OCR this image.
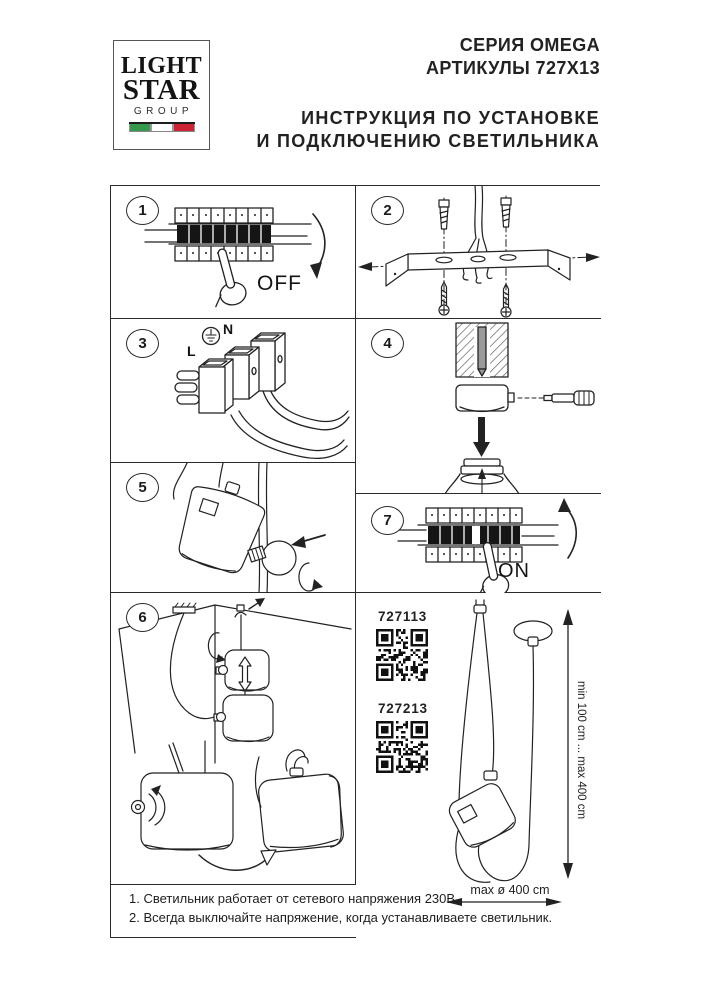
LIGHT
STAR
GROUP
СЕРИЯ OMEGA
АРТИКУЛЫ 727X13
ИНСТРУКЦИЯ ПО УСТАНОВКЕ
И ПОДКЛЮЧЕНИЮ СВЕТИЛЬНИКА
1
OFF
2
3
N
L	4
5
7
ON
6	727113
727213	min 100 cm ... max 400 cm
max ø 400 cm
1. Светильник работает от сетевого напряжения 230В.
2. Всегда выключайте напряжение, когда устанавливаете светильник.
